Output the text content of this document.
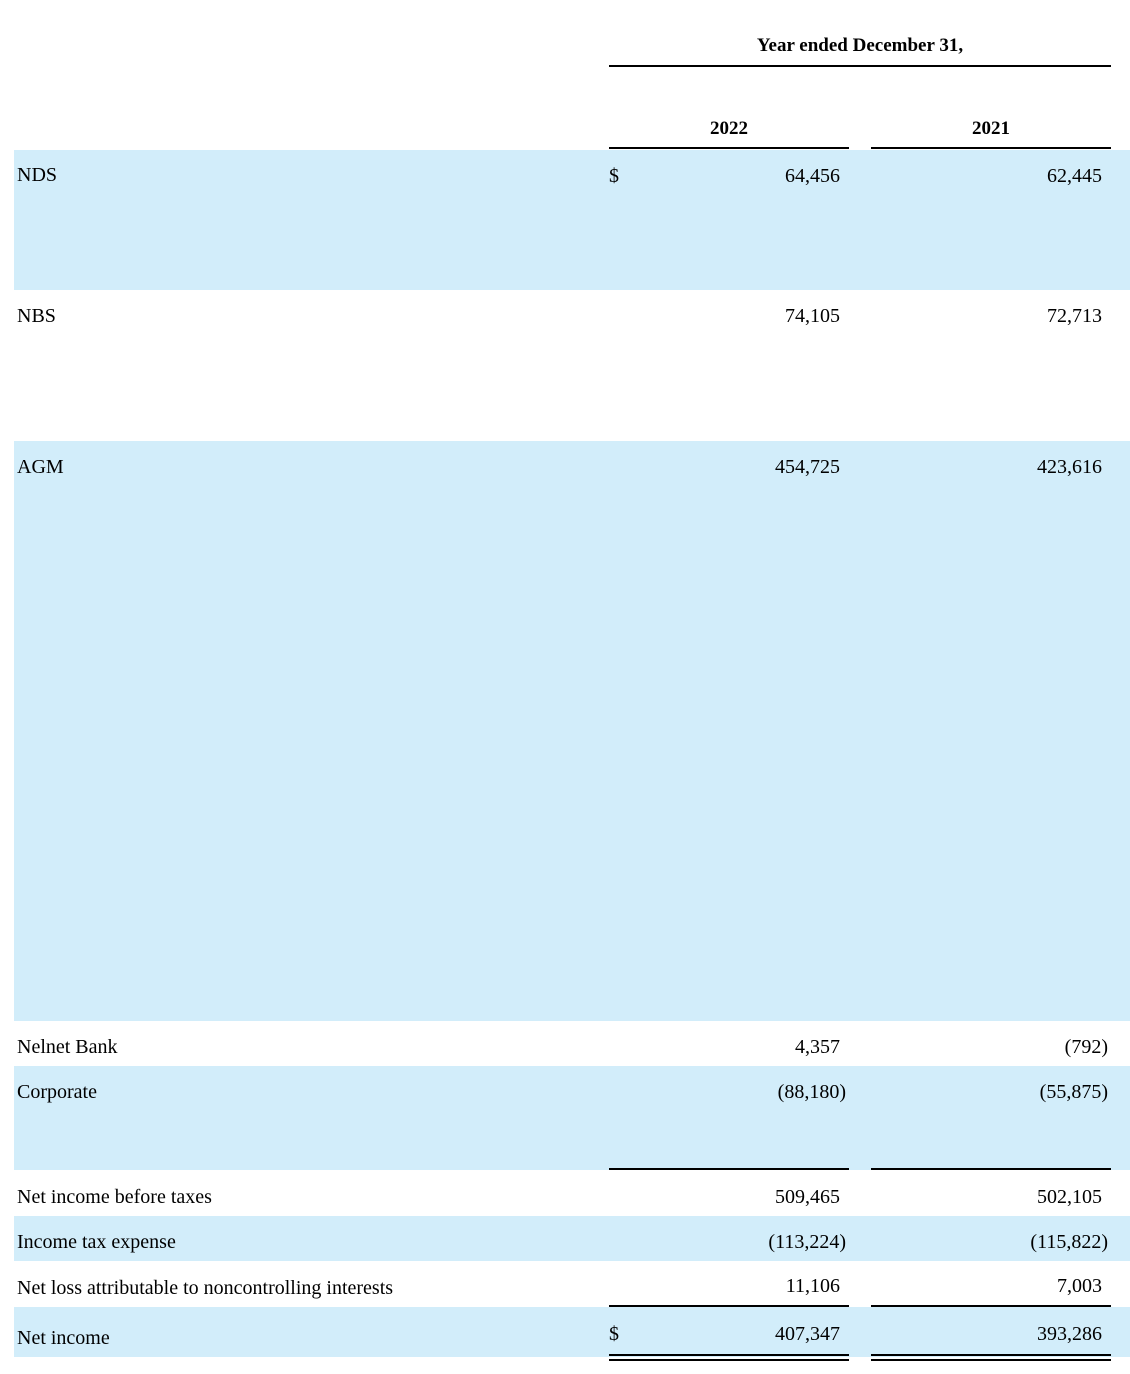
Year ended December 31,
2022	2021
NDS	$	64,456	62,445
NBS	74,105	72,713
AGM	454,725	423,616
Nelnet Bank	4,357	(792)
Corporate	(88,180)	(55,875)
Net income before taxes	509,465	502,105
Income tax expense	(113,224)	(115,822)
Net loss attributable to noncontrolling interests	11,106	7,003
Net income	$	407,347	393,286
